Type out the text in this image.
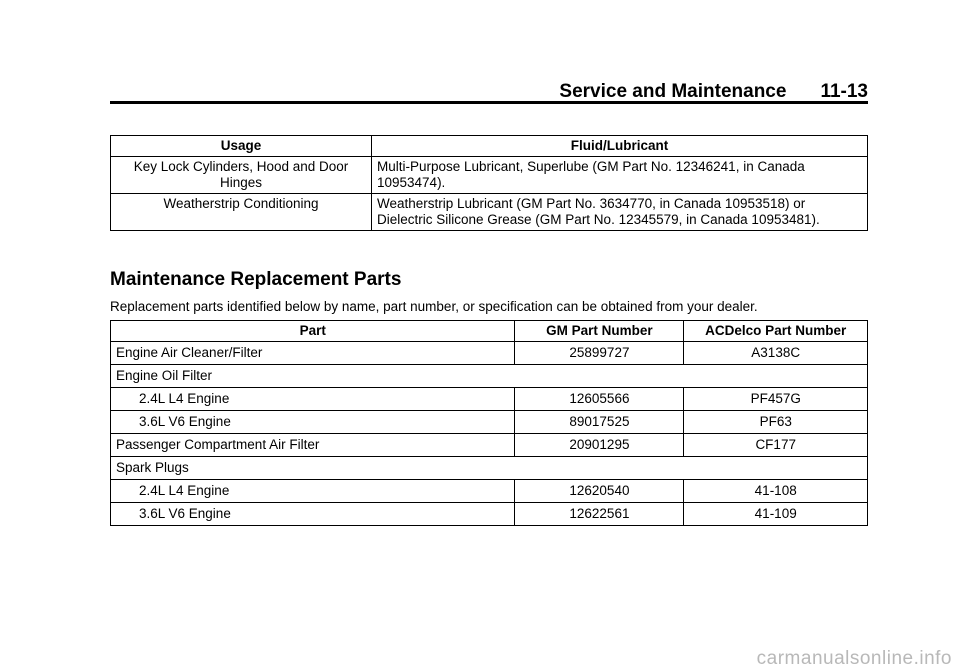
Service and Maintenance 11-13
Usage	Fluid/Lubricant
Key Lock Cylinders, Hood and Door Hinges	Multi-Purpose Lubricant, Superlube (GM Part No. 12346241, in Canada 10953474).
Weatherstrip Conditioning	Weatherstrip Lubricant (GM Part No. 3634770, in Canada 10953518) or Dielectric Silicone Grease (GM Part No. 12345579, in Canada 10953481).
Maintenance Replacement Parts

Replacement parts identified below by name, part number, or specification can be obtained from your dealer.

Part	GM Part Number	ACDelco Part Number
Engine Air Cleaner/Filter	25899727	A3138C
Engine Oil Filter		
2.4L L4 Engine	12605566	PF457G
3.6L V6 Engine	89017525	PF63
Passenger Compartment Air Filter	20901295	CF177
Spark Plugs		
2.4L L4 Engine	12620540	41-108
3.6L V6 Engine	12622561	41-109
carmanualsonline.info
